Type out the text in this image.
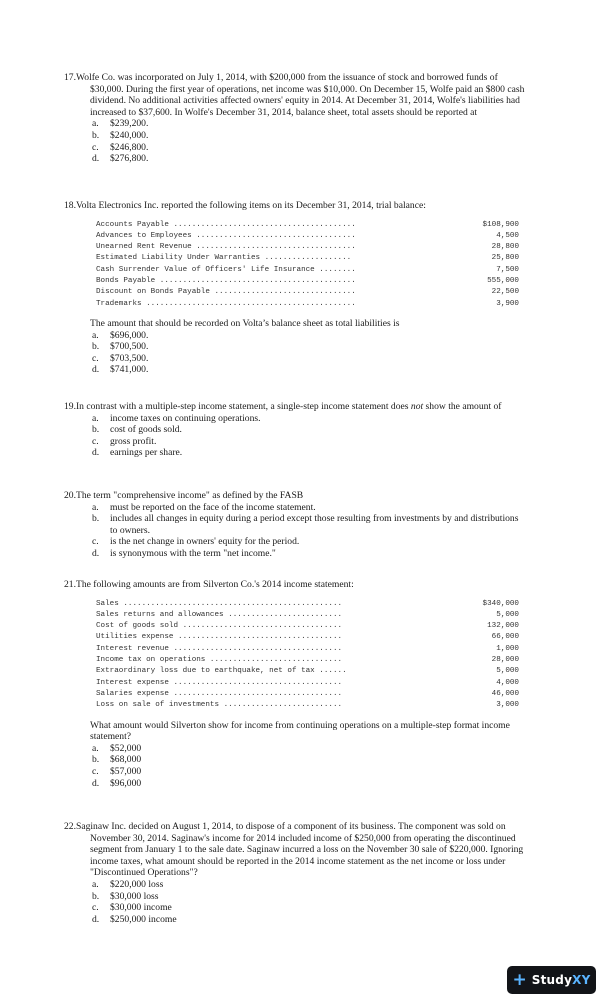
17.Wolfe Co. was incorporated on July 1, 2014, with $200,000 from the issuance of stock and borrowed funds of $30,000. During the first year of operations, net income was $10,000. On December 15, Wolfe paid an $800 cash dividend. No additional activities affected owners' equity in 2014. At December 31, 2014, Wolfe's liabilities had increased to $37,600. In Wolfe's December 31, 2014, balance sheet, total assets should be reported at

a. $239,200.
b. $240,000.
c. $246,800.
d. $276,800.

18.Volta Electronics Inc. reported the following items on its December 31, 2014, trial balance:

Accounts Payable ........................................	$108,900
Advances to Employees ...................................	4,500
Unearned Rent Revenue ...................................	28,800
Estimated Liability Under Warranties ...................	25,800
Cash Surrender Value of Officers' Life Insurance ........	7,500
Bonds Payable ...........................................	555,000
Discount on Bonds Payable ...............................	22,500
Trademarks ..............................................	3,900

The amount that should be recorded on Volta’s balance sheet as total liabilities is

a. $696,000.
b. $700,500.
c. $703,500.
d. $741,000.

19.In contrast with a multiple-step income statement, a single-step income statement does not show the amount of

a. income taxes on continuing operations.
b. cost of goods sold.
c. gross profit.
d. earnings per share.

20.The term "comprehensive income" as defined by the FASB

a. must be reported on the face of the income statement.
b. includes all changes in equity during a period except those resulting from investments by and distributions to owners.
c. is the net change in owners' equity for the period.
d. is synonymous with the term "net income."

21.The following amounts are from Silverton Co.'s 2014 income statement:

Sales ................................................	$340,000
Sales returns and allowances .........................	5,000
Cost of goods sold ...................................	132,000
Utilities expense ....................................	66,000
Interest revenue .....................................	1,000
Income tax on operations .............................	28,000
Extraordinary loss due to earthquake, net of tax ......	5,000
Interest expense .....................................	4,000
Salaries expense .....................................	46,000
Loss on sale of investments ..........................	3,000

What amount would Silverton show for income from continuing operations on a multiple-step format income statement?

a. $52,000
b. $68,000
c. $57,000
d. $96,000

22.Saginaw Inc. decided on August 1, 2014, to dispose of a component of its business. The component was sold on November 30, 2014. Saginaw's income for 2014 included income of $250,000 from operating the discontinued segment from January 1 to the sale date. Saginaw incurred a loss on the November 30 sale of $220,000. Ignoring income taxes, what amount should be reported in the 2014 income statement as the net income or loss under "Discontinued Operations"?

a. $220,000 loss
b. $30,000 loss
c. $30,000 income
d. $250,000 income
+ StudyXY
